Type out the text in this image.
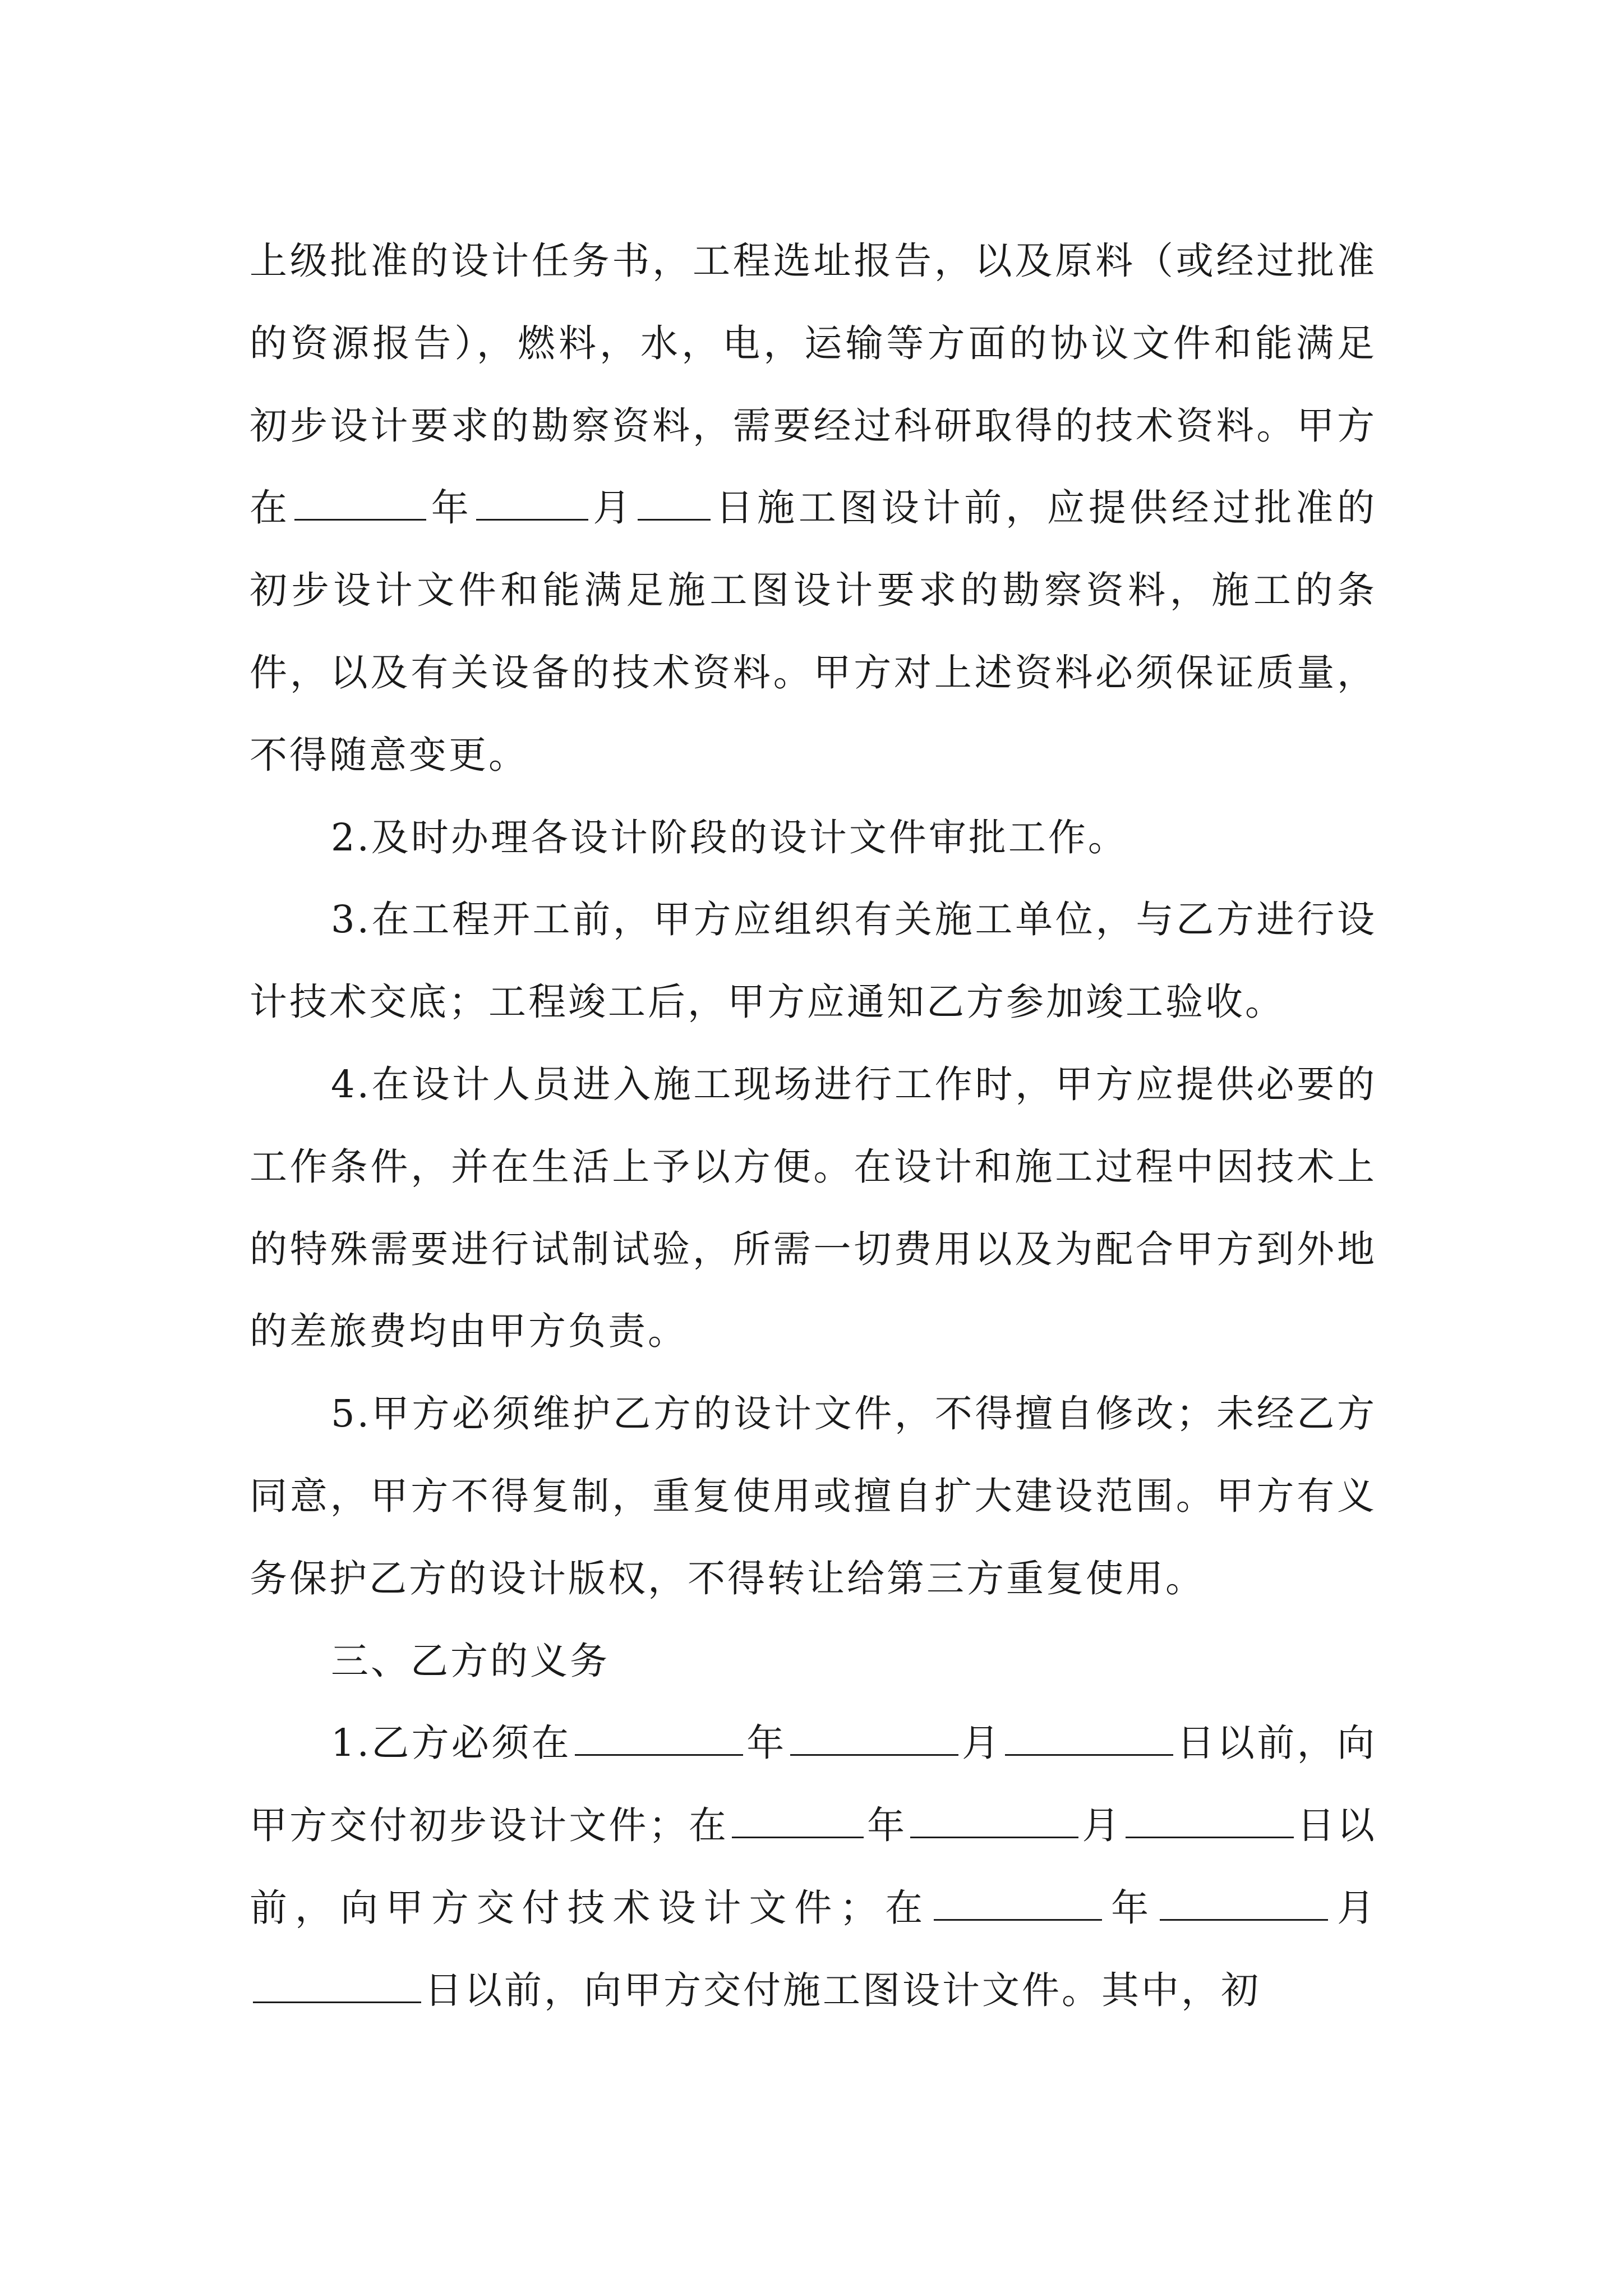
上级批准的设计任务书，工程选址报告，以及原料（或经过批准的资源报告），燃料，水，电，运输等方面的协议文件和能满足初步设计要求的勘察资料，需要经过科研取得的技术资料。甲方在	年	月 日施工图设计前，应提供经过批准的初步设计文件和能满足施工图设计要求的勘察资料，施工的条件，以及有关设备的技术资料。甲方对上述资料必须保证质量，不得随意变更。

2.及时办理各设计阶段的设计文件审批工作。

3.在工程开工前，甲方应组织有关施工单位，与乙方进行设计技术交底；工程竣工后，甲方应通知乙方参加竣工验收。

4.在设计人员进入施工现场进行工作时，甲方应提供必要的工作条件，并在生活上予以方便。在设计和施工过程中因技术上的特殊需要进行试制试验，所需一切费用以及为配合甲方到外地的差旅费均由甲方负责。

5.甲方必须维护乙方的设计文件，不得擅自修改；未经乙方同意，甲方不得复制，重复使用或擅自扩大建设范围。甲方有义务保护乙方的设计版权，不得转让给第三方重复使用。

三、乙方的义务

1.乙方必须在	年	月	日以前，向甲方交付初步设计文件；在	年	月	日以前，向甲方交付技术设计文件；在	年	月日以前，向甲方交付施工图设计文件。其中，初
